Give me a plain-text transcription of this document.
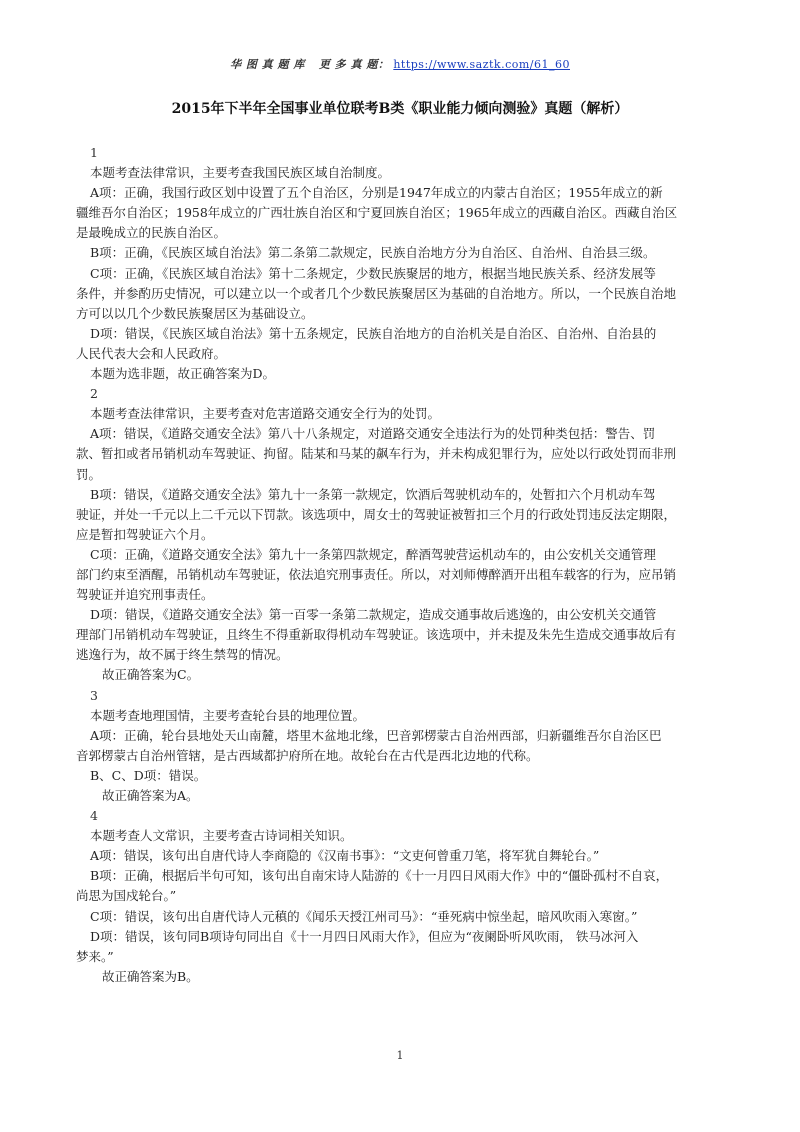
华 图 真 题 库 更 多 真 题： https://www.saztk.com/61_60
2015年下半年全国事业单位联考B类《职业能力倾向测验》真题（解析）

1

本题考查法律常识，主要考查我国民族区域自治制度。

A项：正确，我国行政区划中设置了五个自治区，分别是1947年成立的内蒙古自治区；1955年成立的新

疆维吾尔自治区；1958年成立的广西壮族自治区和宁夏回族自治区；1965年成立的西藏自治区。西藏自治区

是最晚成立的民族自治区。

B项：正确，《民族区域自治法》第二条第二款规定，民族自治地方分为自治区、自治州、自治县三级。

C项：正确，《民族区域自治法》第十二条规定，少数民族聚居的地方，根据当地民族关系、经济发展等

条件，并参酌历史情况，可以建立以一个或者几个少数民族聚居区为基础的自治地方。所以，一个民族自治地

方可以以几个少数民族聚居区为基础设立。

D项：错误，《民族区域自治法》第十五条规定，民族自治地方的自治机关是自治区、自治州、自治县的

人民代表大会和人民政府。

本题为选非题，故正确答案为D。

2

本题考查法律常识，主要考查对危害道路交通安全行为的处罚。

A项：错误，《道路交通安全法》第八十八条规定，对道路交通安全违法行为的处罚种类包括：警告、罚

款、暂扣或者吊销机动车驾驶证、拘留。陆某和马某的飙车行为，并未构成犯罪行为，应处以行政处罚而非刑

罚。

B项：错误，《道路交通安全法》第九十一条第一款规定，饮酒后驾驶机动车的，处暂扣六个月机动车驾

驶证，并处一千元以上二千元以下罚款。该选项中，周女士的驾驶证被暂扣三个月的行政处罚违反法定期限，

应是暂扣驾驶证六个月。

C项：正确，《道路交通安全法》第九十一条第四款规定，醉酒驾驶营运机动车的，由公安机关交通管理

部门约束至酒醒，吊销机动车驾驶证，依法追究刑事责任。所以，对刘师傅醉酒开出租车载客的行为，应吊销

驾驶证并追究刑事责任。

D项：错误，《道路交通安全法》第一百零一条第二款规定，造成交通事故后逃逸的，由公安机关交通管

理部门吊销机动车驾驶证，且终生不得重新取得机动车驾驶证。该选项中，并未提及朱先生造成交通事故后有

逃逸行为，故不属于终生禁驾的情况。

故正确答案为C。

3

本题考查地理国情，主要考查轮台县的地理位置。

A项：正确，轮台县地处天山南麓，塔里木盆地北缘，巴音郭楞蒙古自治州西部，归新疆维吾尔自治区巴

音郭楞蒙古自治州管辖，是古西域都护府所在地。故轮台在古代是西北边地的代称。

B、C、D项：错误。

故正确答案为A。

4

本题考查人文常识，主要考查古诗词相关知识。

A项：错误，该句出自唐代诗人李商隐的《汉南书事》：“文吏何曾重刀笔，将军犹自舞轮台。”

B项：正确，根据后半句可知，该句出自南宋诗人陆游的《十一月四日风雨大作》中的“僵卧孤村不自哀，

尚思为国戍轮台。”

C项：错误，该句出自唐代诗人元稹的《闻乐天授江州司马》：“垂死病中惊坐起，暗风吹雨入寒窗。”

D项：错误，该句同B项诗句同出自《十一月四日风雨大作》，但应为“夜阑卧听风吹雨， 铁马冰河入

梦来。”

故正确答案为B。

1
